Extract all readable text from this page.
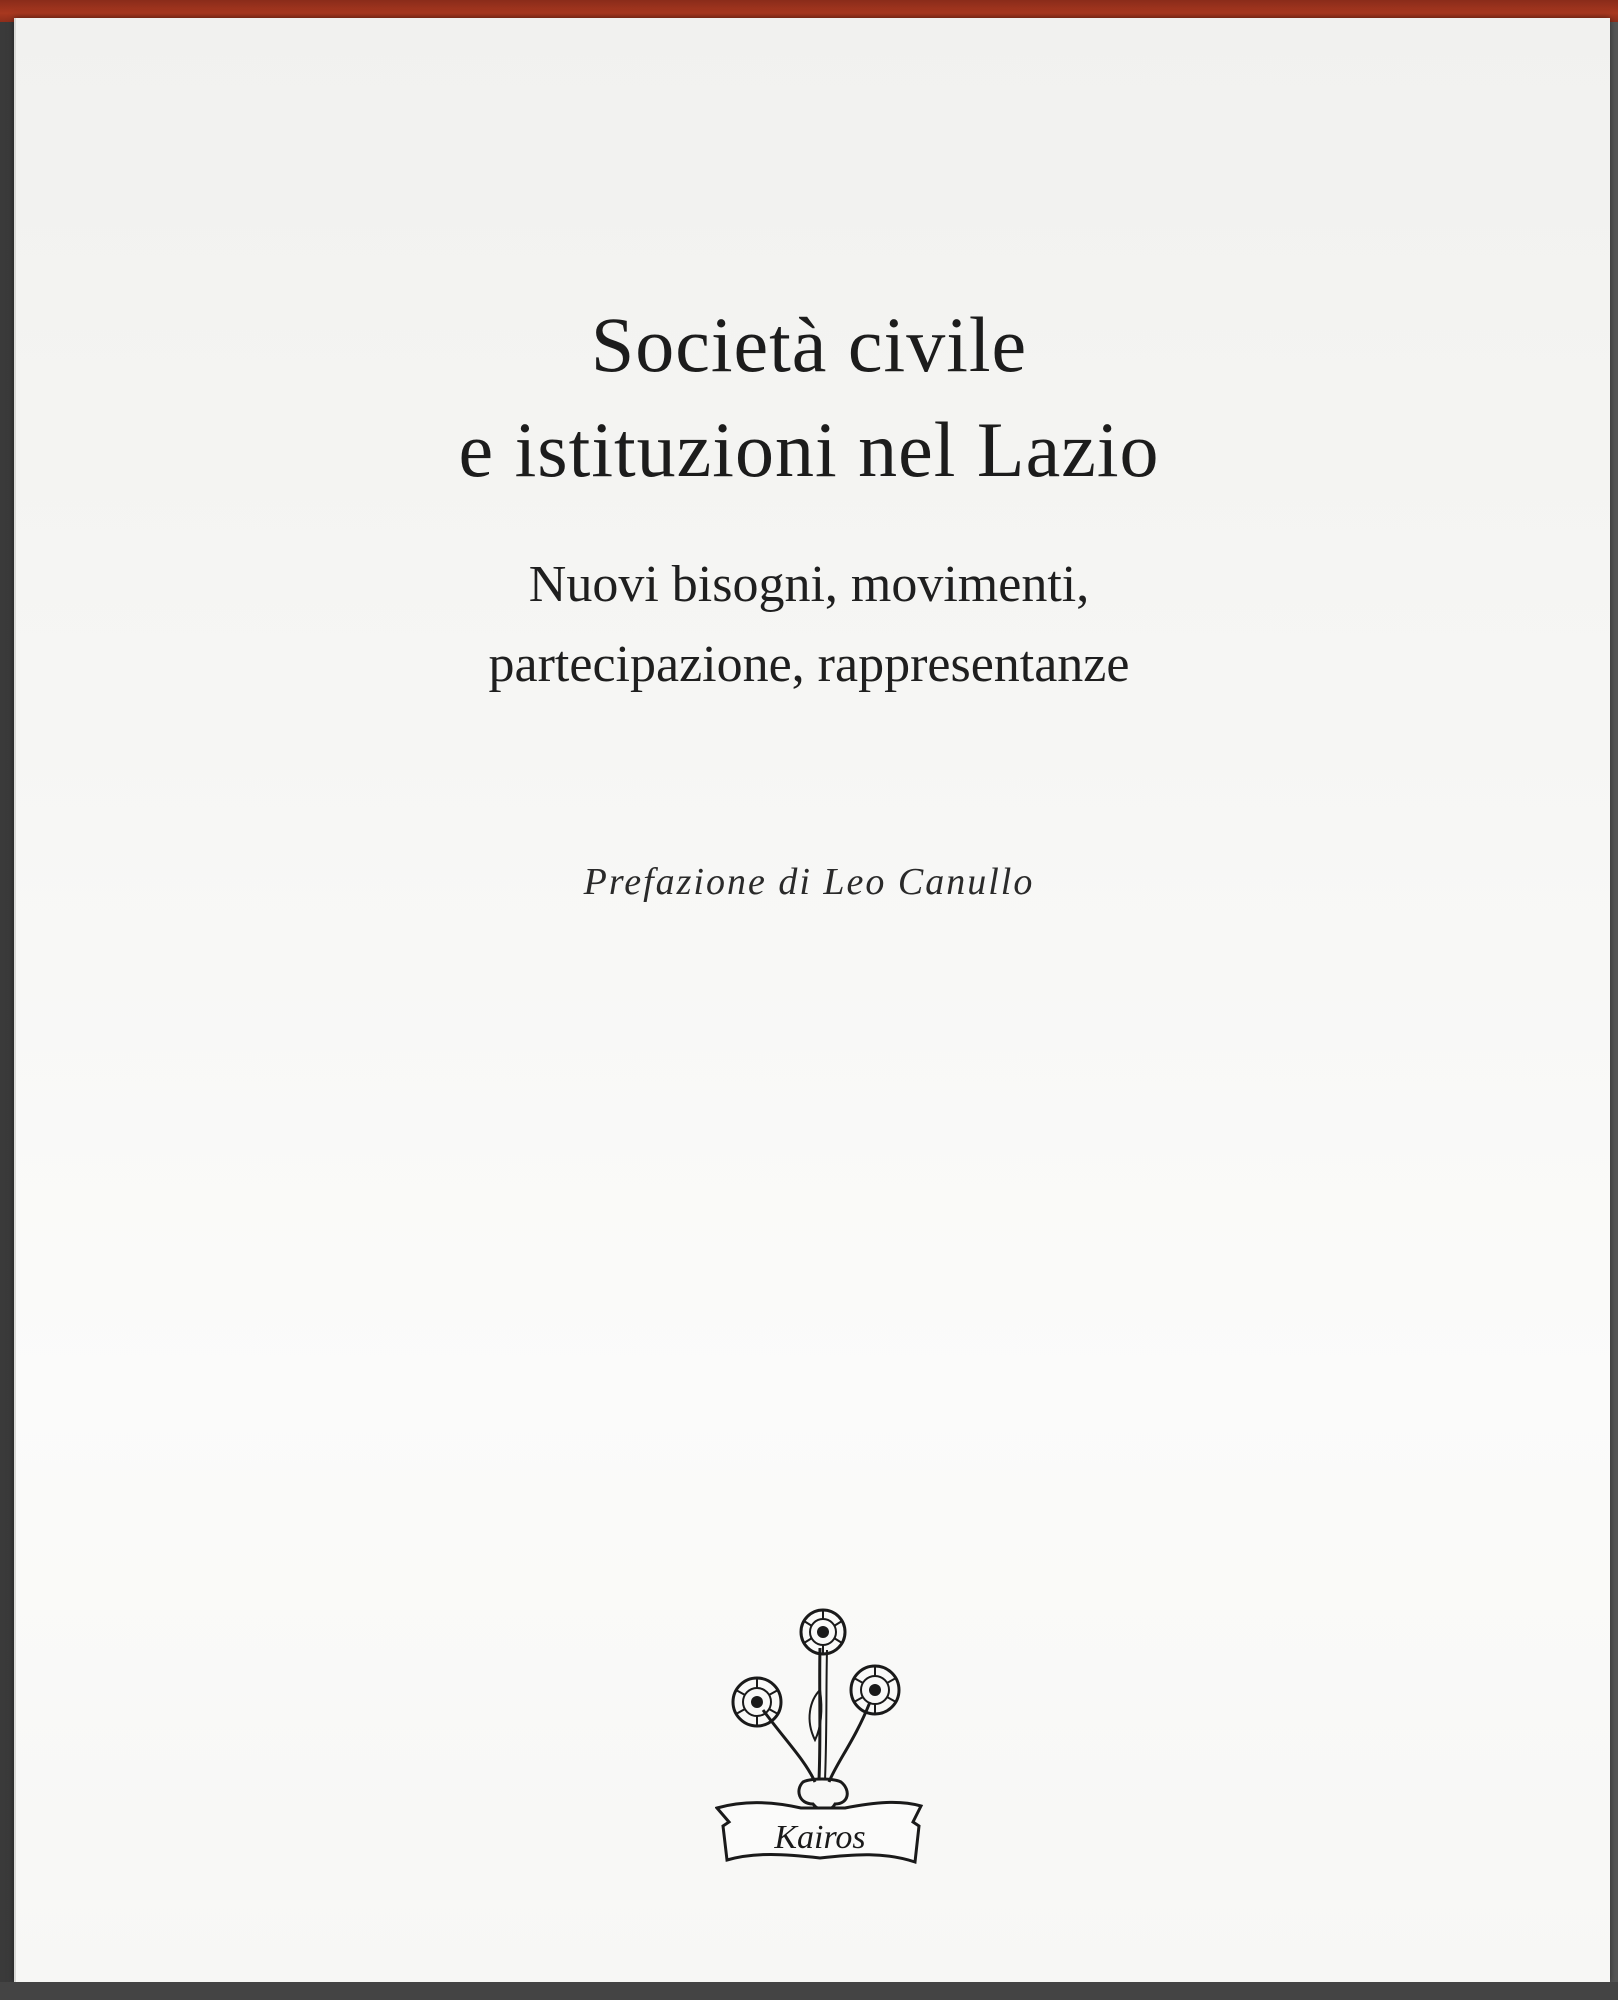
Società civile
e istituzioni nel Lazio
Nuovi bisogni, movimenti,
partecipazione, rappresentanze
Prefazione di Leo Canullo
Kairos
